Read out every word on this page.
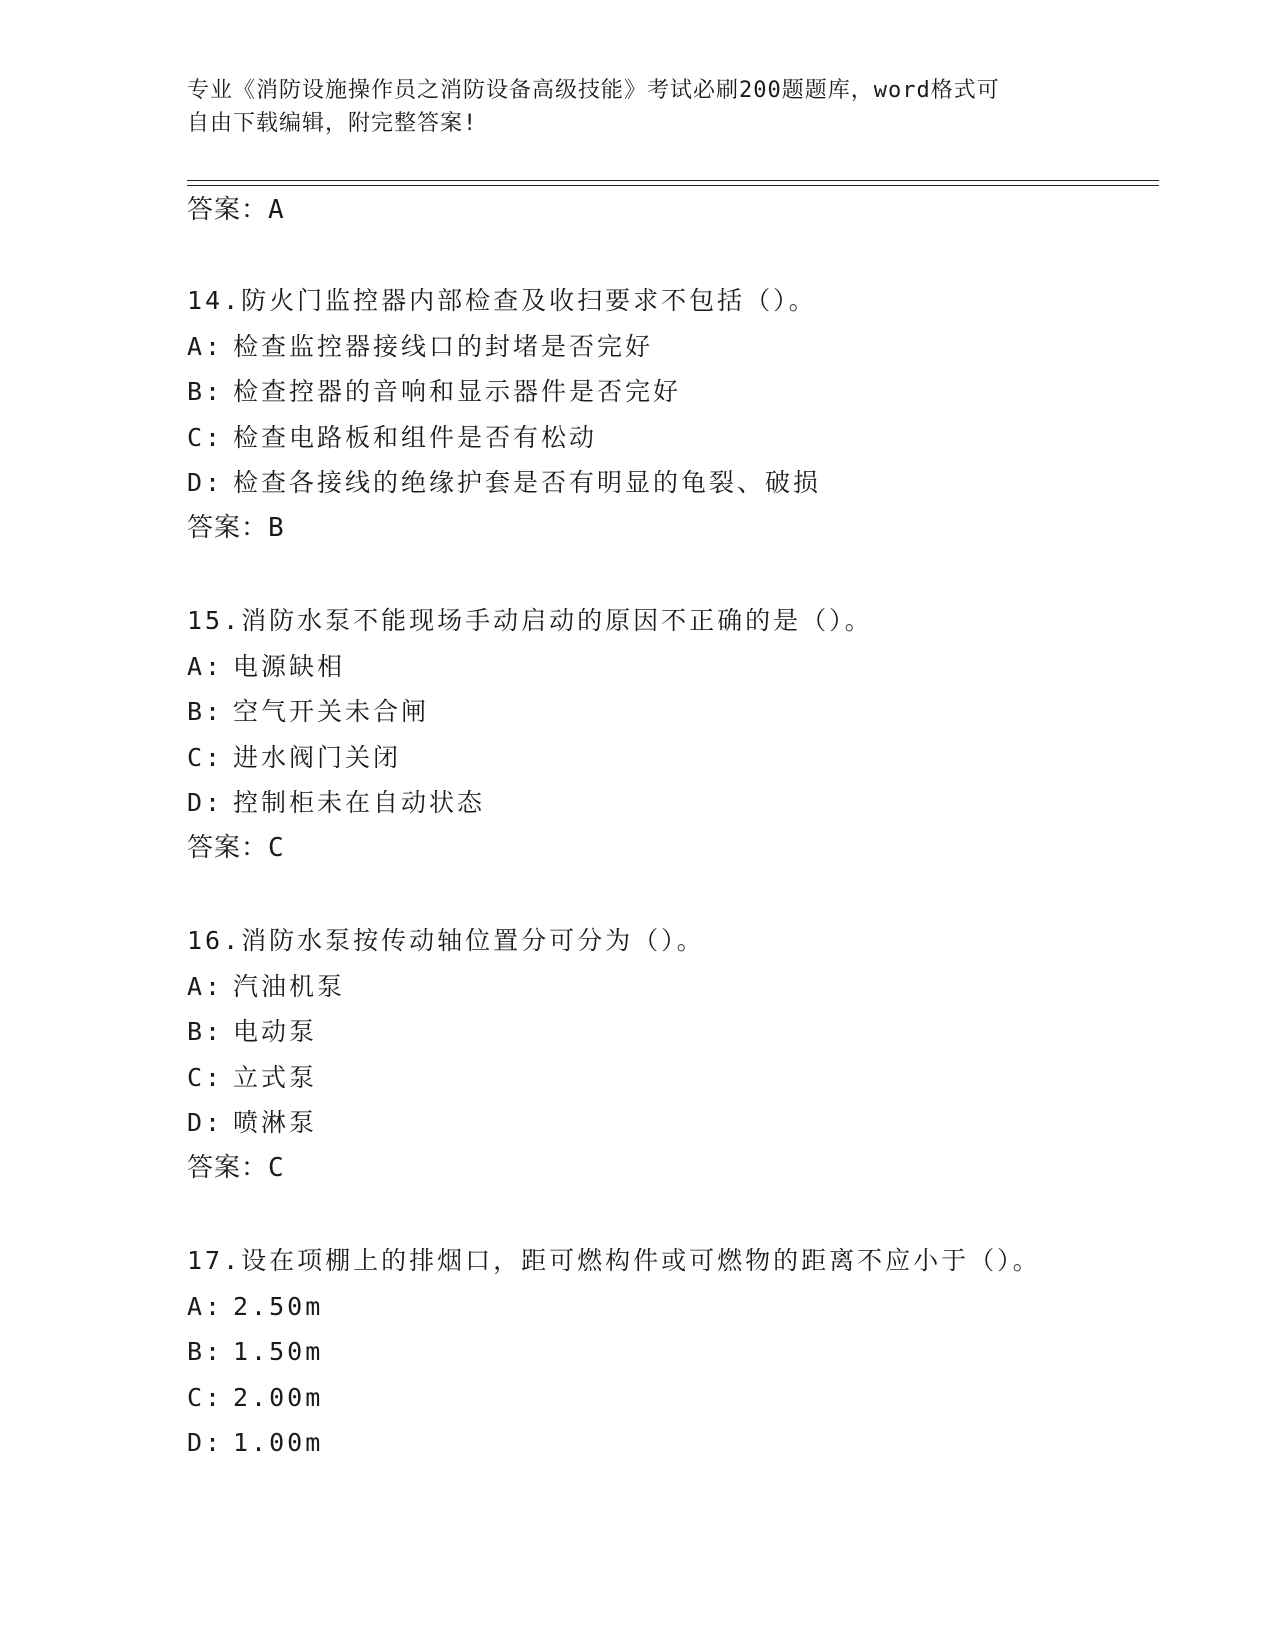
专业《消防设施操作员之消防设备高级技能》考试必刷200题题库，word格式可
自由下载编辑，附完整答案!
答案：A
14.防火门监控器内部检查及收扫要求不包括（）。
A: 检查监控器接线口的封堵是否完好
B: 检查控器的音响和显示器件是否完好
C: 检查电路板和组件是否有松动
D: 检查各接线的绝缘护套是否有明显的龟裂、破损
答案：B
15.消防水泵不能现场手动启动的原因不正确的是（）。
A: 电源缺相
B: 空气开关未合闸
C: 进水阀门关闭
D: 控制柜未在自动状态
答案：C
16.消防水泵按传动轴位置分可分为（）。
A: 汽油机泵
B: 电动泵
C: 立式泵
D: 喷淋泵
答案：C
17.设在项棚上的排烟口，距可燃构件或可燃物的距离不应小于（）。
A: 2.50m
B: 1.50m
C: 2.00m
D: 1.00m
